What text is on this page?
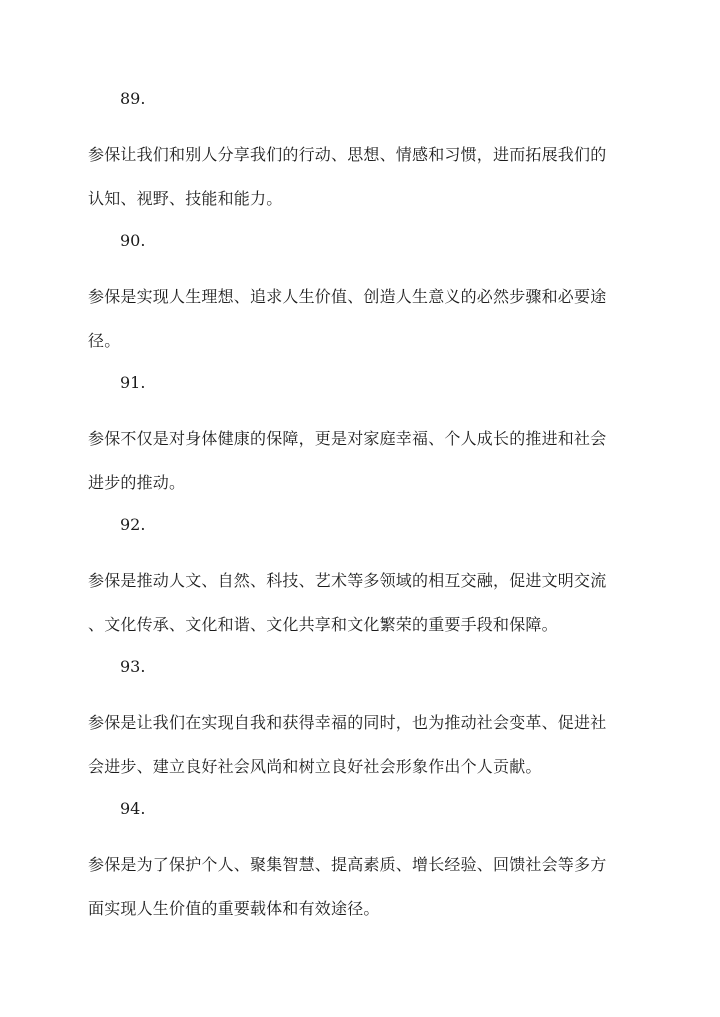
89.
参保让我们和别人分享我们的行动、思想、情感和习惯，进而拓展我们的
认知、视野、技能和能力。
90.
参保是实现人生理想、追求人生价值、创造人生意义的必然步骤和必要途
径。
91.
参保不仅是对身体健康的保障，更是对家庭幸福、个人成长的推进和社会
进步的推动。
92.
参保是推动人文、自然、科技、艺术等多领域的相互交融，促进文明交流
、文化传承、文化和谐、文化共享和文化繁荣的重要手段和保障。
93.
参保是让我们在实现自我和获得幸福的同时，也为推动社会变革、促进社
会进步、建立良好社会风尚和树立良好社会形象作出个人贡献。
94.
参保是为了保护个人、聚集智慧、提高素质、增长经验、回馈社会等多方
面实现人生价值的重要载体和有效途径。
